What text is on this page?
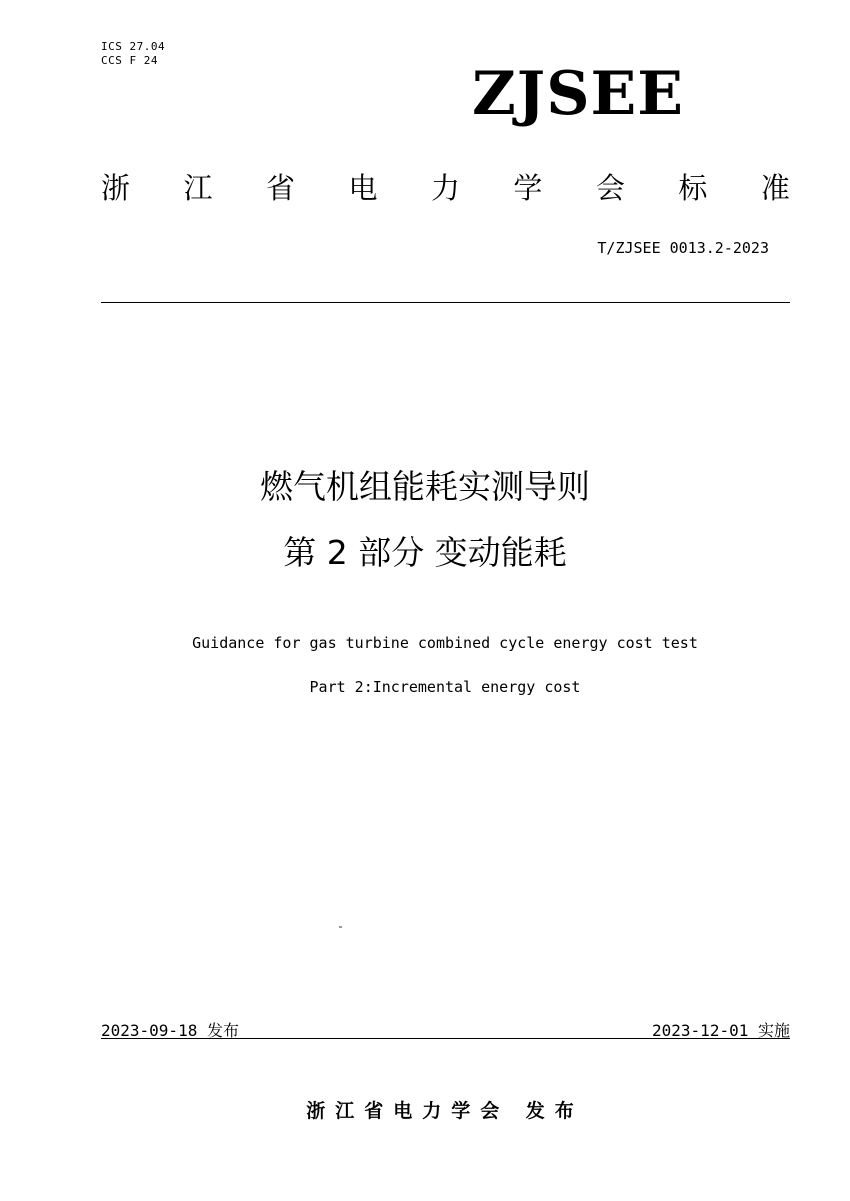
ICS 27.04
CCS F 24	ZJSEE
浙 江 省 电 力 学 会 标 准
T/ZJSEE 0013.2-2023
燃气机组能耗实测导则
第 2 部分 变动能耗
Guidance for gas turbine combined cycle energy cost test
Part 2:Incremental energy cost
2023-09-18 发布	2023-12-01 实施
浙江省电力学会 发布
